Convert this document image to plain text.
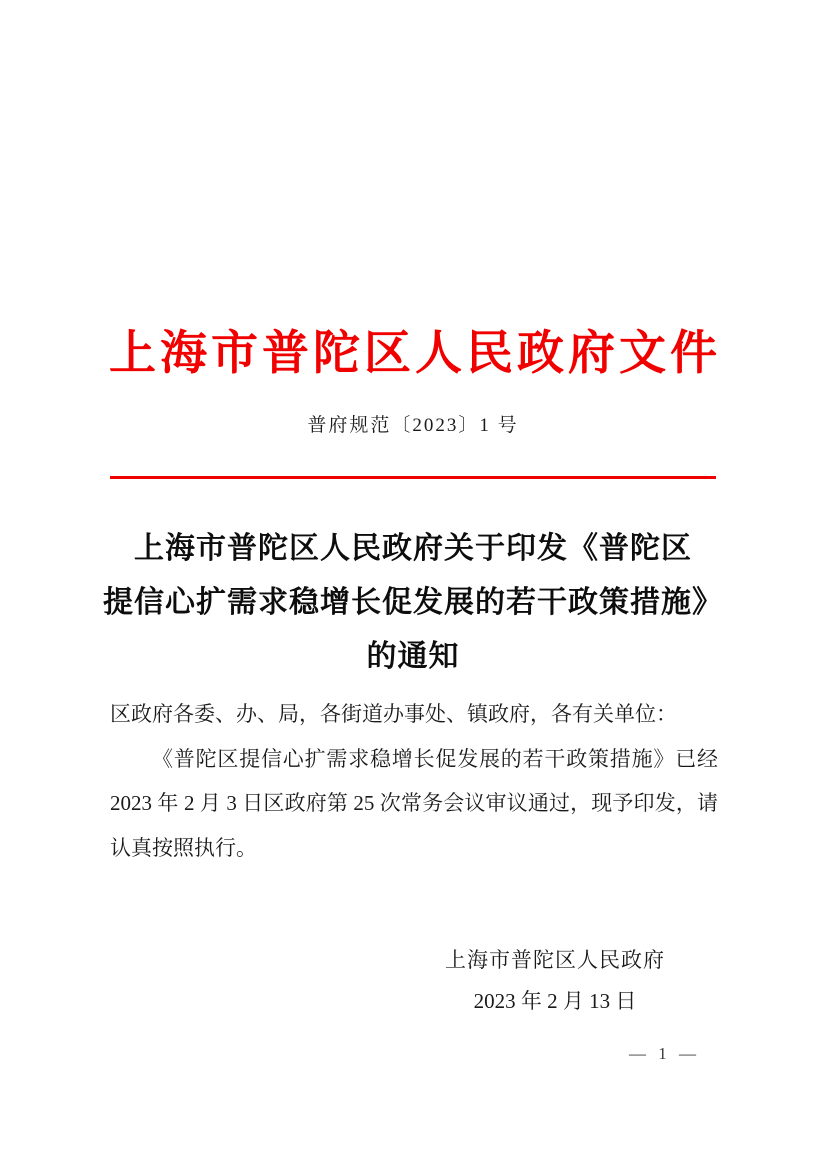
上海市普陀区人民政府文件
普府规范〔2023〕1 号
上海市普陀区人民政府关于印发《普陀区
提信心扩需求稳增长促发展的若干政策措施》
的通知

区政府各委、办、局，各街道办事处、镇政府，各有关单位：

《普陀区提信心扩需求稳增长促发展的若干政策措施》已经 2023 年 2 月 3 日区政府第 25 次常务会议审议通过，现予印发，请认真按照执行。

上海市普陀区人民政府
2023 年 2 月 13 日
— 1 —
